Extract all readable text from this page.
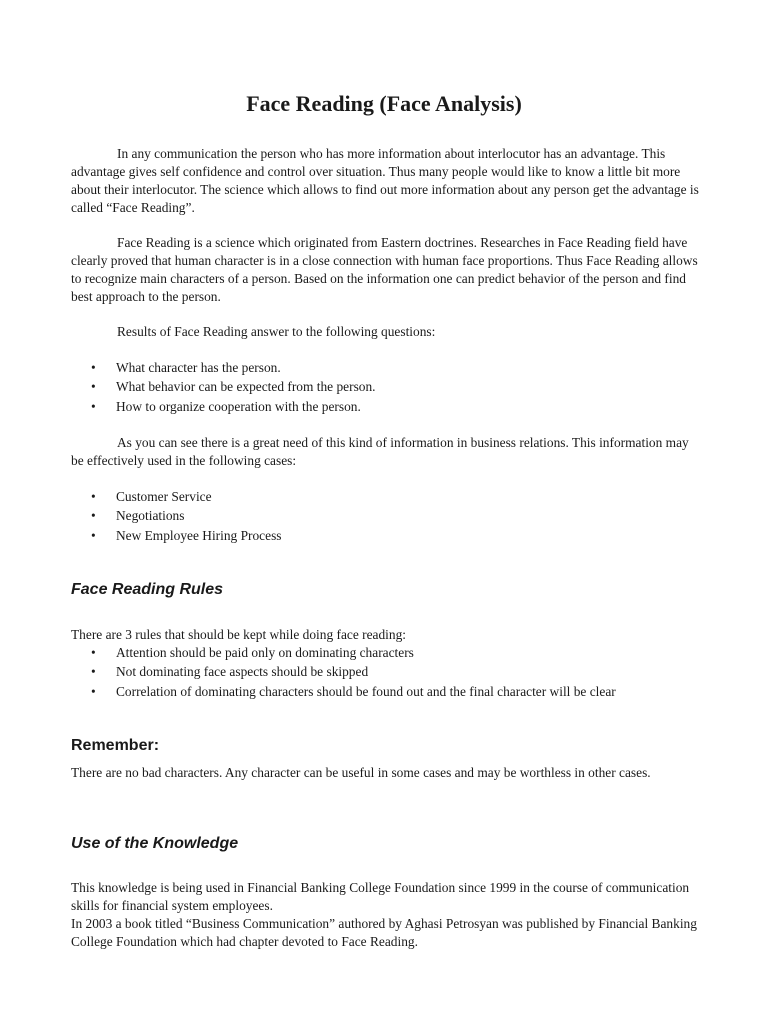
Face Reading (Face Analysis)

In any communication the person who has more information about interlocutor has an advantage. This advantage gives self confidence and control over situation. Thus many people would like to know a little bit more about their interlocutor. The science which allows to find out more information about any person get the advantage is called “Face Reading”.

Face Reading is a science which originated from Eastern doctrines. Researches in Face Reading field have clearly proved that human character is in a close connection with human face proportions. Thus Face Reading allows to recognize main characters of a person. Based on the information one can predict behavior of the person and find best approach to the person.

Results of Face Reading answer to the following questions:

• What character has the person.
• What behavior can be expected from the person.
• How to organize cooperation with the person.

As you can see there is a great need of this kind of information in business relations. This information may be effectively used in the following cases:

• Customer Service
• Negotiations
• New Employee Hiring Process
Face Reading Rules

There are 3 rules that should be kept while doing face reading:

• Attention should be paid only on dominating characters
• Not dominating face aspects should be skipped
• Correlation of dominating characters should be found out and the final character will be clear
Remember:

There are no bad characters. Any character can be useful in some cases and may be worthless in other cases.

Use of the Knowledge

This knowledge is being used in Financial Banking College Foundation since 1999 in the course of communication skills for financial system employees.

In 2003 a book titled “Business Communication” authored by Aghasi Petrosyan was published by Financial Banking College Foundation which had chapter devoted to Face Reading.
